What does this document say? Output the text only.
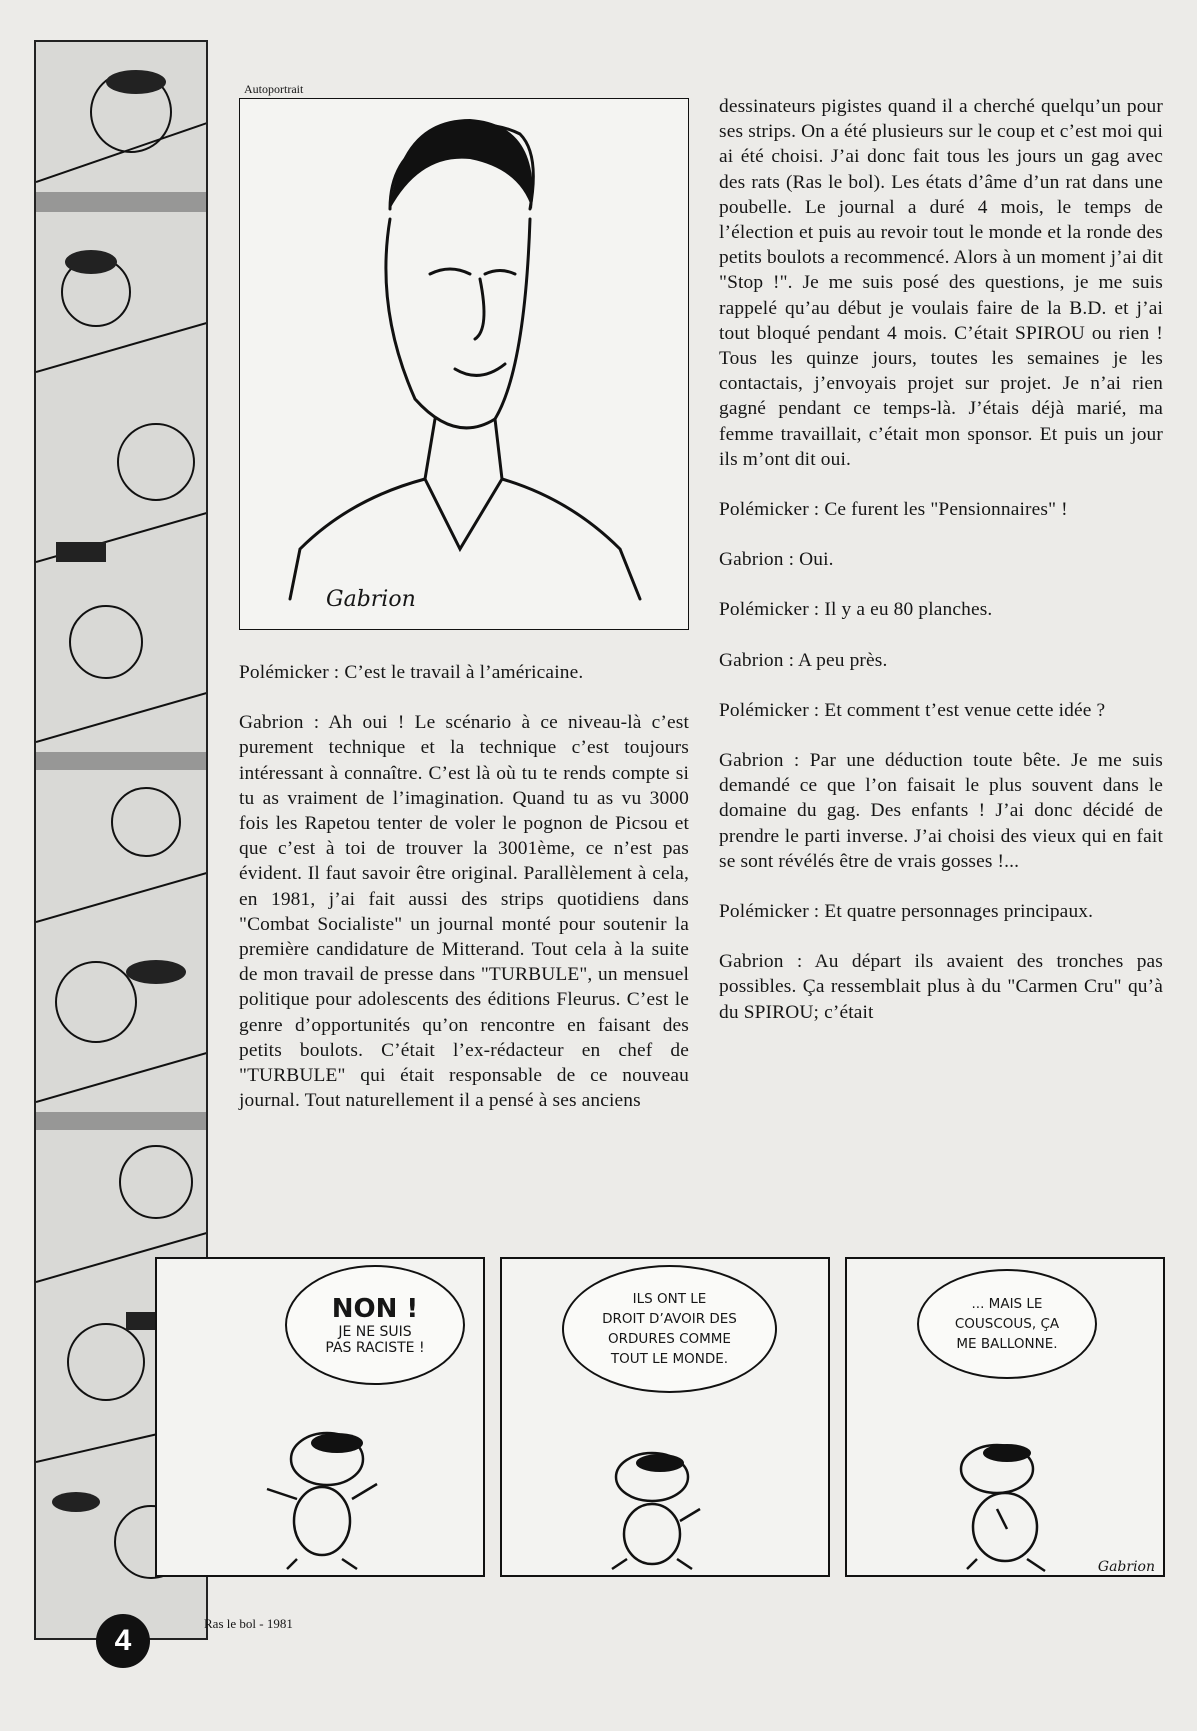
4
Ras le bol - 1981
Autoportrait
Gabrion

Polémicker : C’est le travail à l’américaine.

Gabrion : Ah oui ! Le scénario à ce niveau-là c’est purement technique et la technique c’est toujours intéressant à connaître. C’est là où tu te rends compte si tu as vraiment de l’imagination. Quand tu as vu 3000 fois les Rapetou tenter de voler le pognon de Picsou et que c’est à toi de trouver la 3001ème, ce n’est pas évident. Il faut savoir être original. Parallèlement à cela, en 1981, j’ai fait aussi des strips quotidiens dans "Combat Socialiste" un journal monté pour soutenir la première candidature de Mitterand. Tout cela à la suite de mon travail de presse dans "TURBULE", un mensuel politique pour adolescents des éditions Fleurus. C’est le genre d’opportunités qu’on rencontre en faisant des petits boulots. C’était l’ex-rédacteur en chef de "TURBULE" qui était responsable de ce nouveau journal. Tout naturellement il a pensé à ses anciens

dessinateurs pigistes quand il a cherché quelqu’un pour ses strips. On a été plusieurs sur le coup et c’est moi qui ai été choisi. J’ai donc fait tous les jours un gag avec des rats (Ras le bol). Les états d’âme d’un rat dans une poubelle. Le journal a duré 4 mois, le temps de l’élection et puis au revoir tout le monde et la ronde des petits boulots a recommencé. Alors à un moment j’ai dit "Stop !". Je me suis posé des questions, je me suis rappelé qu’au début je voulais faire de la B.D. et j’ai tout bloqué pendant 4 mois. C’était SPIROU ou rien ! Tous les quinze jours, toutes les semaines je les contactais, j’envoyais projet sur projet. Je n’ai rien gagné pendant ce temps-là. J’étais déjà marié, ma femme travaillait, c’était mon sponsor. Et puis un jour ils m’ont dit oui.

Polémicker : Ce furent les "Pensionnaires" !

Gabrion : Oui.

Polémicker : Il y a eu 80 planches.

Gabrion : A peu près.

Polémicker : Et comment t’est venue cette idée ?

Gabrion : Par une déduction toute bête. Je me suis demandé ce que l’on faisait le plus souvent dans le domaine du gag. Des enfants ! J’ai donc décidé de prendre le parti inverse. J’ai choisi des vieux qui en fait se sont révélés être de vrais gosses !...

Polémicker : Et quatre personnages principaux.

Gabrion : Au départ ils avaient des tronches pas possibles. Ça ressemblait plus à du "Carmen Cru" qu’à du SPIROU; c’était

NON !
JE NE SUIS
PAS RACISTE !
ILS ONT LE
DROIT D’AVOIR DES
ORDURES COMME
TOUT LE MONDE.
... MAIS LE
COUSCOUS, ÇA
ME BALLONNE.
Gabrion
